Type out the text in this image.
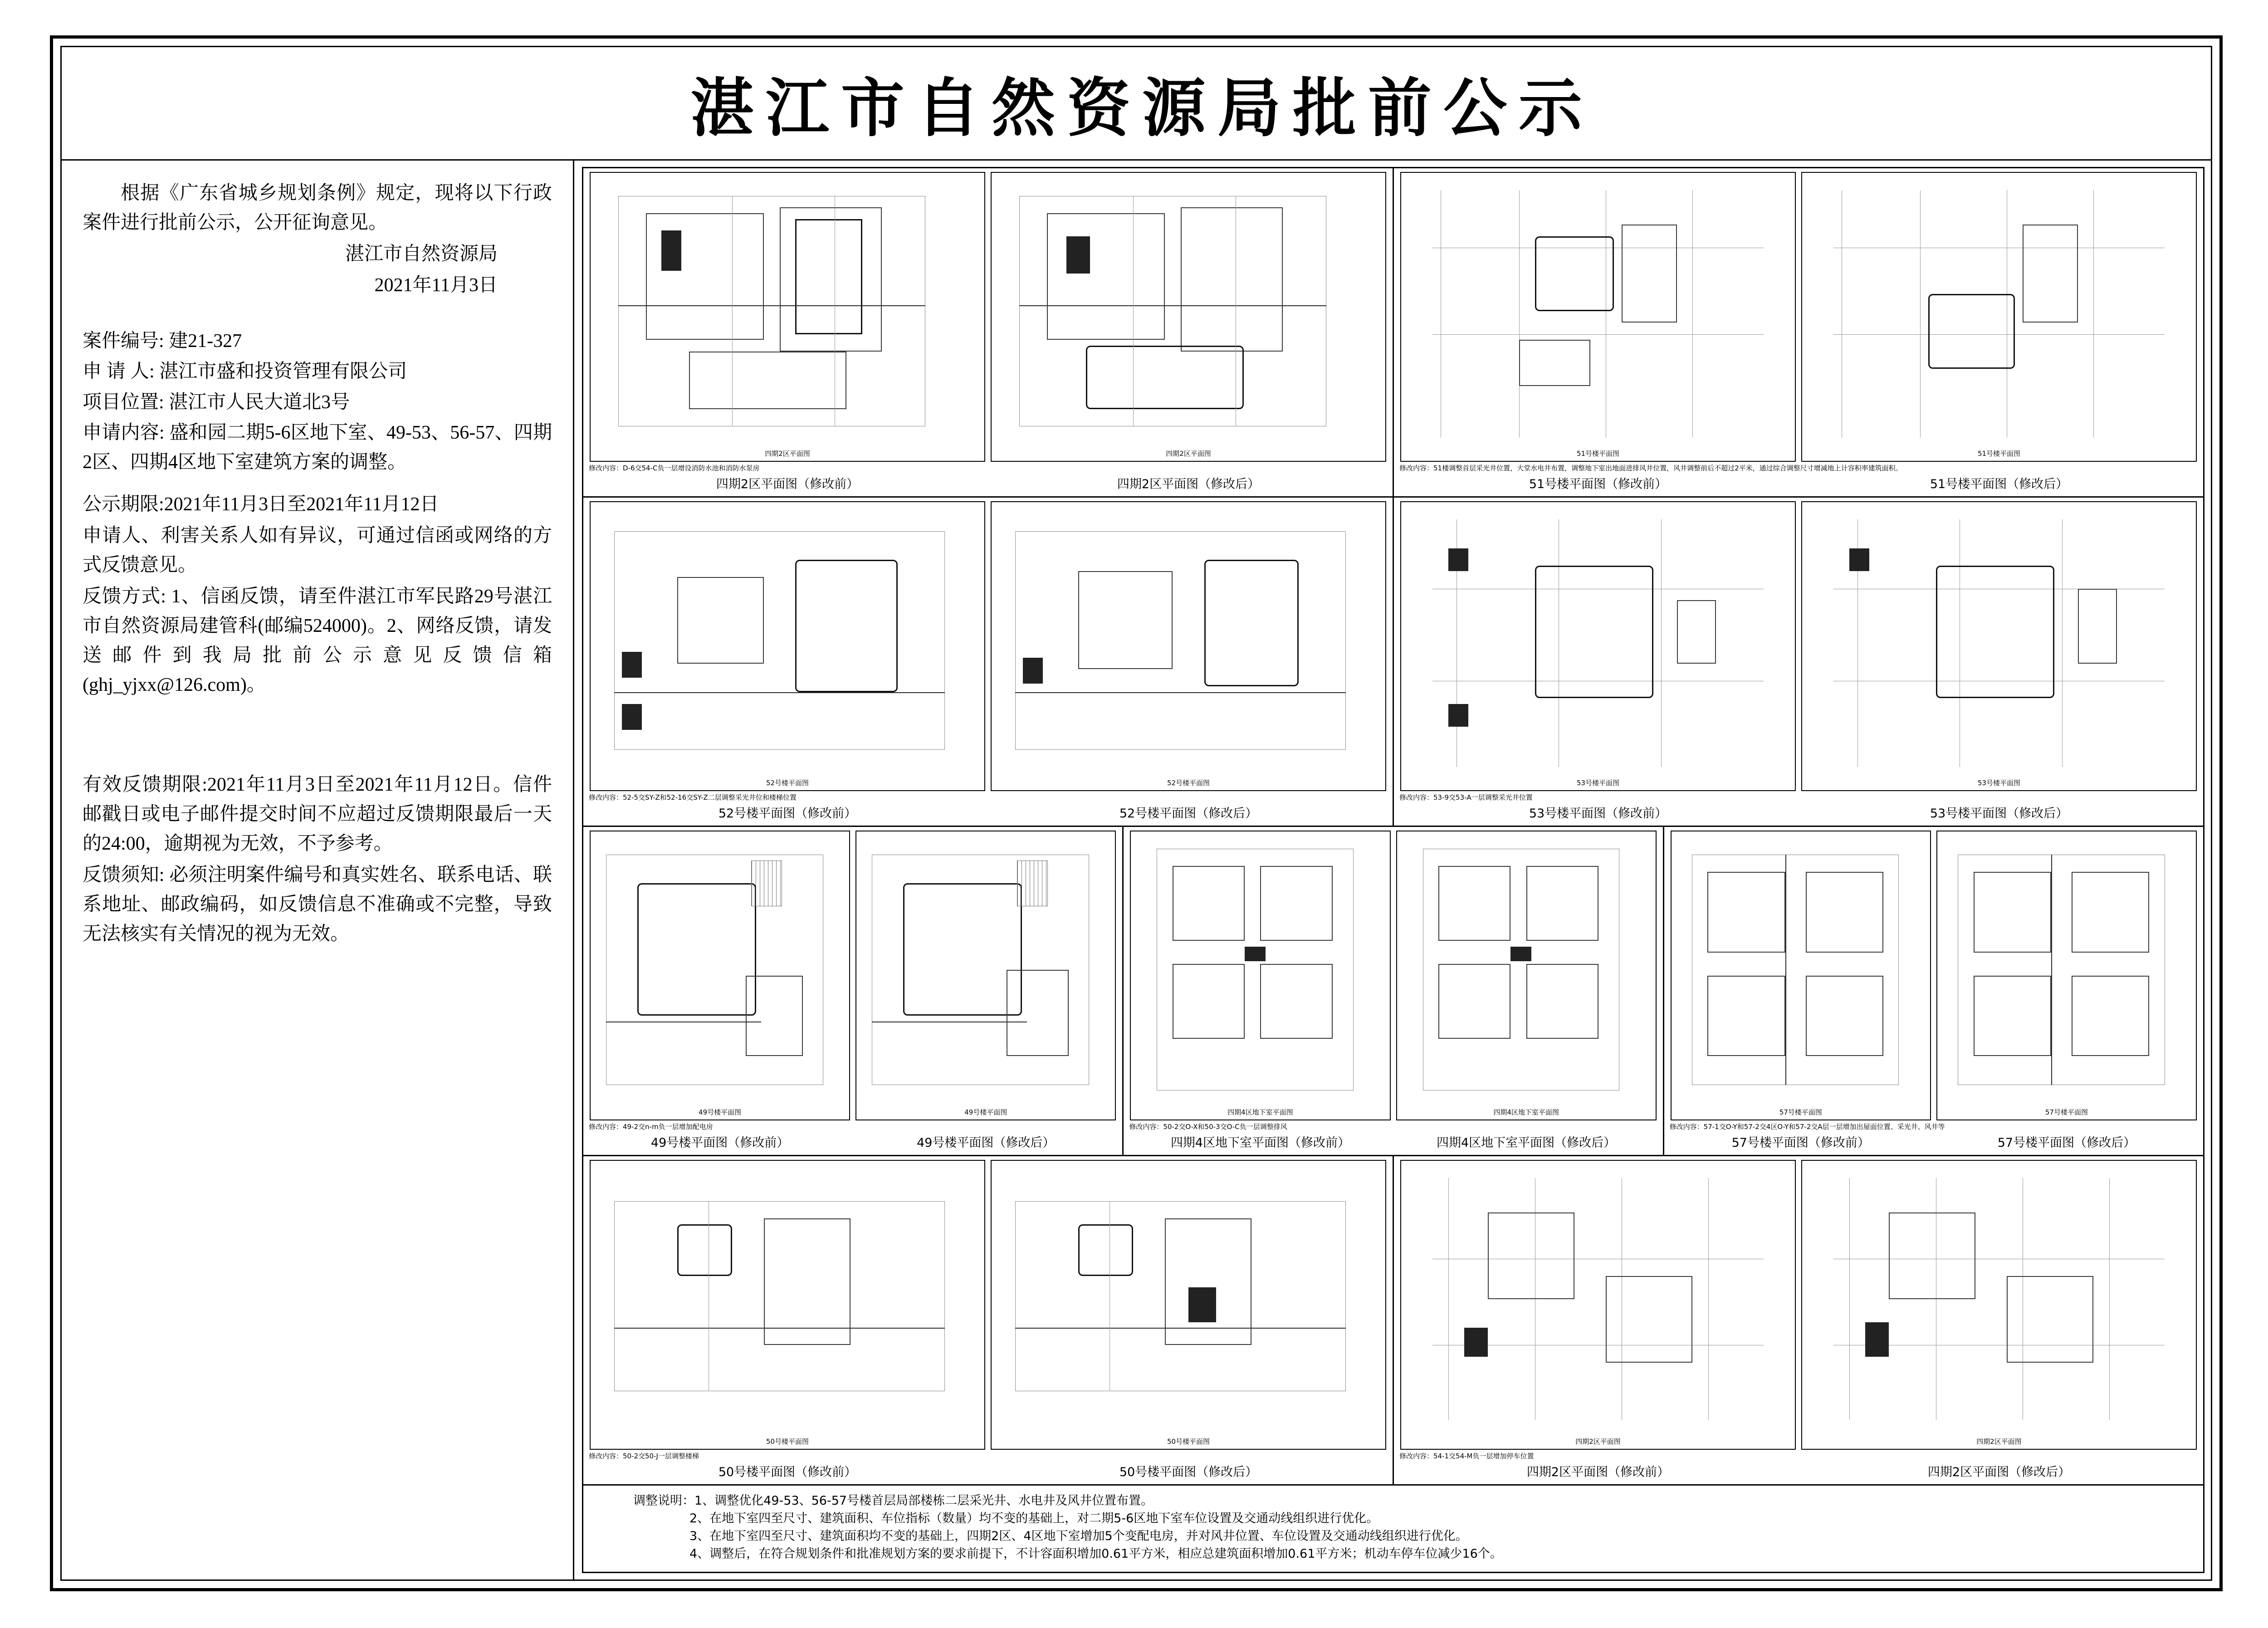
湛江市自然资源局批前公示

根据《广东省城乡规划条例》规定，现将以下行政案件进行批前公示，公开征询意见。

湛江市自然资源局

2021年11月3日

案件编号: 建21-327

申 请 人: 湛江市盛和投资管理有限公司

项目位置: 湛江市人民大道北3号

申请内容: 盛和园二期5-6区地下室、49-53、56-57、四期2区、四期4区地下室建筑方案的调整。

公示期限:2021年11月3日至2021年11月12日

申请人、利害关系人如有异议，可通过信函或网络的方式反馈意见。

反馈方式: 1、信函反馈，请至件湛江市军民路29号湛江市自然资源局建管科(邮编524000)。2、网络反馈，请发送邮件到我局批前公示意见反馈信箱(ghj_yjxx@126.com)。

有效反馈期限:2021年11月3日至2021年11月12日。信件邮戳日或电子邮件提交时间不应超过反馈期限最后一天的24:00，逾期视为无效，不予参考。

反馈须知: 必须注明案件编号和真实姓名、联系电话、联系地址、邮政编码，如反馈信息不准确或不完整，导致无法核实有关情况的视为无效。

四期2区平面图	四期2区平面图
修改内容：D-6交54-C负一层增设消防水池和消防水泵房
四期2区平面图（修改前）	四期2区平面图（修改后）
51号楼平面图	51号楼平面图
修改内容：51楼调整首层采光井位置，大堂水电井布置，调整地下室出地面进排风井位置，风井调整前后不超过2平米，通过综合调整尺寸增减地上计容积率建筑面积。
51号楼平面图（修改前）	51号楼平面图（修改后）
52号楼平面图	52号楼平面图
修改内容：52-5交SY-Z和52-16交SY-Z二层调整采光井位和楼梯位置
52号楼平面图（修改前）	52号楼平面图（修改后）
53号楼平面图	53号楼平面图
修改内容：53-9交53-A一层调整采光井位置
53号楼平面图（修改前）	53号楼平面图（修改后）
49号楼平面图	49号楼平面图
修改内容：49-2交n-m负一层增加配电房
49号楼平面图（修改前）	49号楼平面图（修改后）
四期4区地下室平面图	四期4区地下室平面图
修改内容：50-2交O-X和50-3交O-C负一层调整排风
四期4区地下室平面图（修改前）	四期4区地下室平面图（修改后）
57号楼平面图	57号楼平面图
修改内容：57-1交O-Y和57-2交4区O-Y和57-2交A层一层增加出屋面位置、采光井、风井等
57号楼平面图（修改前）	57号楼平面图（修改后）
50号楼平面图	50号楼平面图
修改内容：50-2交50-J一层调整楼梯
50号楼平面图（修改前）	50号楼平面图（修改后）
四期2区平面图	四期2区平面图
修改内容：54-1交54-M负一层增加停车位置
四期2区平面图（修改前）	四期2区平面图（修改后）
调整说明：1、调整优化49-53、56-57号楼首层局部楼栋二层采光井、水电井及风井位置布置。
2、在地下室四至尺寸、建筑面积、车位指标（数量）均不变的基础上，对二期5-6区地下室车位设置及交通动线组织进行优化。
3、在地下室四至尺寸、建筑面积均不变的基础上，四期2区、4区地下室增加5个变配电房，并对风井位置、车位设置及交通动线组织进行优化。
4、调整后，在符合规划条件和批准规划方案的要求前提下，不计容面积增加0.61平方米，相应总建筑面积增加0.61平方米；机动车停车位减少16个。
